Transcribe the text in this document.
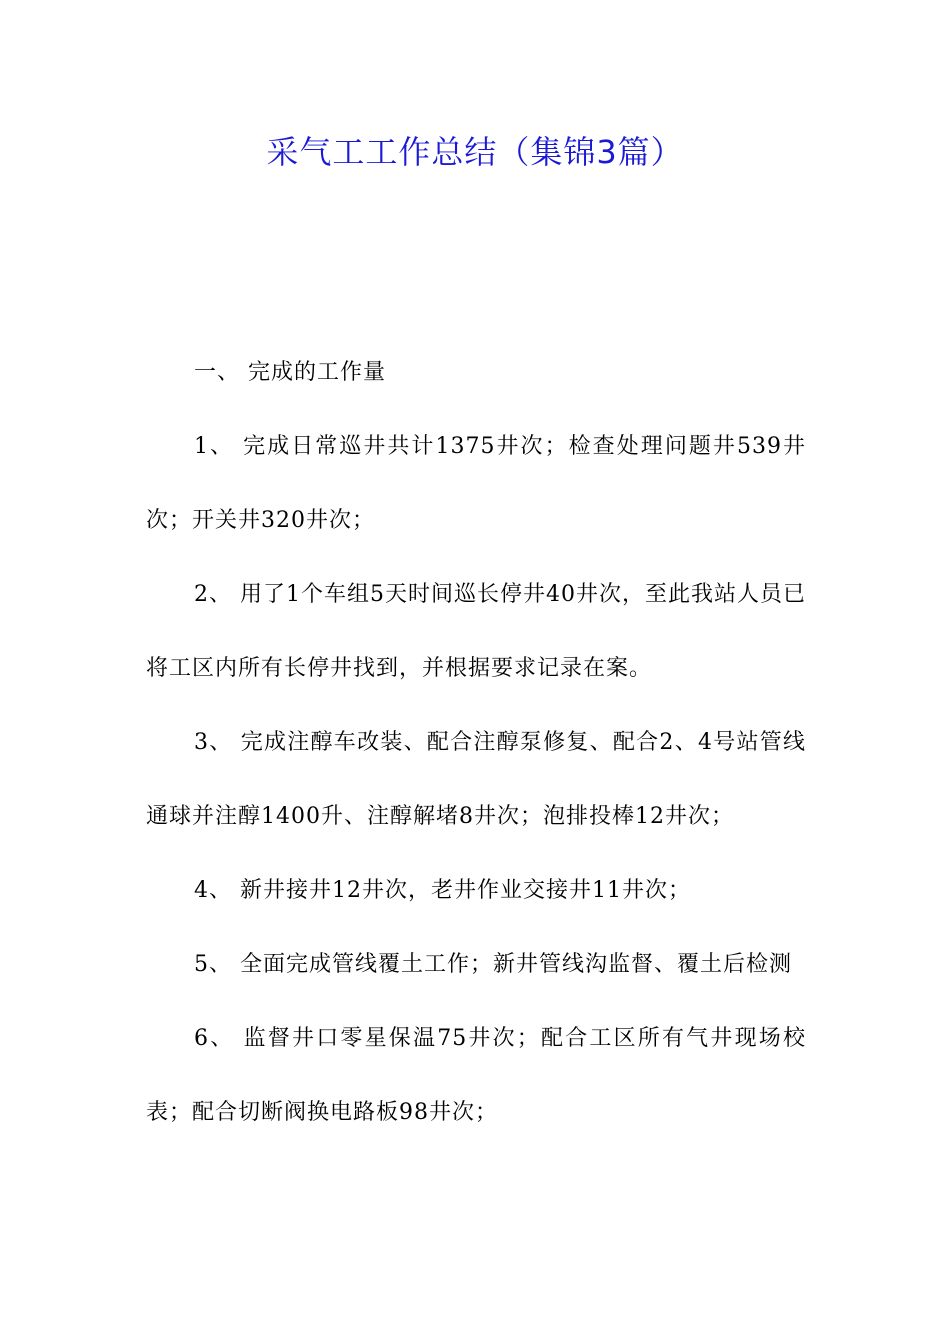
采气工工作总结（集锦3篇）

一、 完成的工作量

1、 完成日常巡井共计1375井次；检查处理问题井539井次；开关井320井次；

2、 用了1个车组5天时间巡长停井40井次，至此我站人员已将工区内所有长停井找到，并根据要求记录在案。

3、 完成注醇车改装、配合注醇泵修复、配合2、4号站管线通球并注醇1400升、注醇解堵8井次；泡排投棒12井次；

4、 新井接井12井次，老井作业交接井11井次；

5、 全面完成管线覆土工作；新井管线沟监督、覆土后检测

6、 监督井口零星保温75井次；配合工区所有气井现场校表；配合切断阀换电路板98井次；
